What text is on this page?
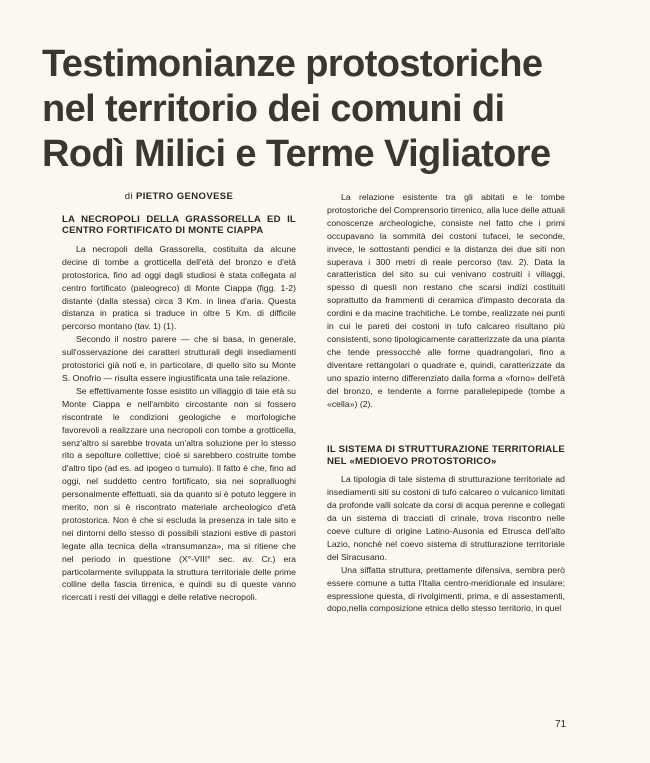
Testimonianze protostoriche
nel territorio dei comuni di
Rodì Milici e Terme Vigliatore
di PIETRO GENOVESE
LA NECROPOLI DELLA GRASSORELLA ED IL CENTRO FORTIFICATO DI MONTE CIAPPA

La necropoli della Grassorella, costituita da alcune decine di tombe a grotticella dell'età del bronzo e d'età protostorica, fino ad oggi dagli studiosi è stata collegata al centro fortificato (paleogreco) di Monte Ciappa (figg. 1-2) distante (dalla stessa) circa 3 Km. in linea d'aria. Questa distanza in pratica si traduce in oltre 5 Km. di difficile percorso montano (tav. 1) (1).

Secondo il nostro parere — che si basa, in generale, sull'osservazione dei caratteri strutturali degli insediamenti protostorici già noti e, in particolare, di quello sito su Monte S. Onofrio — risulta essere ingiustificata una tale relazione.

Se effettivamente fosse esistito un villaggio di taie età su Monte Ciappa e nell'ambito circostante non si fossero riscontrate le condizioni geologiche e morfologiche favorevoli a realizzare una necropoli con tombe a grotticella, senz'altro si sarebbe trovata un'altra soluzione per lo stesso rito a sepolture collettive; cioè si sarebbero costruite tombe d'altro tipo (ad es. ad ipogeo o tumulo). Il fatto è che, fino ad oggi, nel suddetto centro fortificato, sia nei sopralluoghi personalmente effettuati, sia da quanto si è potuto leggere in merito, non si è riscontrato materiale archeologico d'età protostorica. Non è che si escluda la presenza in tale sito e nei dintorni dello stesso di possibili stazioni estive di pastori legate alla tecnica della «transumanza», ma si ritiene che nel periodo in questione (X°-VIII° sec. av. Cr.) era particolarmente sviluppata la struttura territoriale delle prime colline della fascia tirrenica, e quindi su di queste vanno ricercati i resti dei villaggi e delle relative necropoli.

La relazione esistente tra gli abitati e le tombe protostoriche del Comprensorio tirrenico, alla luce delle attuali conoscenze archeologiche, consiste nel fatto che i primi occupavano la sommità dei costoni tufacei, le seconde, invece, le sottostanti pendici e la distanza dei due siti non superava i 300 metri di reale percorso (tav. 2). Data la caratteristica del sito su cui venivano costruiti i villaggi, spesso di questi non restano che scarsi indizi costituiti soprattutto da frammenti di ceramica d'impasto decorata da cordini e da macine trachitiche. Le tombe, realizzate nei punti in cui le pareti dei costoni in tufo calcareo risultano più consistenti, sono tipologicamente caratterizzate da una pianta che tende pressocchè alle forme quadrangolari, fino a diventare rettangolari o quadrate e, quindi, caratterizzate da uno spazio interno differenziato dalla forma a «forno» dell'età del bronzo, e tendente a forme parallelepipede (tombe a «cella») (2).

IL SISTEMA DI STRUTTURAZIONE TERRITORIALE NEL «MEDIOEVO PROTOSTORICO»

La tipologia di tale sistema di strutturazione territoriale ad insediamenti siti su costoni di tufo calcareo o vulcanico limitati da profonde valli solcate da corsi di acqua perenne e collegati da un sistema di tracciati di crinale, trova riscontro nelle coeve culture di origine Latino-Ausonia ed Etrusca dell'alto Lazio, nonchè nel coevo sistema di strutturazione territoriale del Siracusano.

Una siffatta struttura, prettamente difensiva, sembra però essere comune a tutta l'Italia centro-meridionale ed insulare; espressione questa, di rivolgimenti, prima, e di assestamenti, dopo,nella composizione etnica dello stesso territorio, in quel

71
